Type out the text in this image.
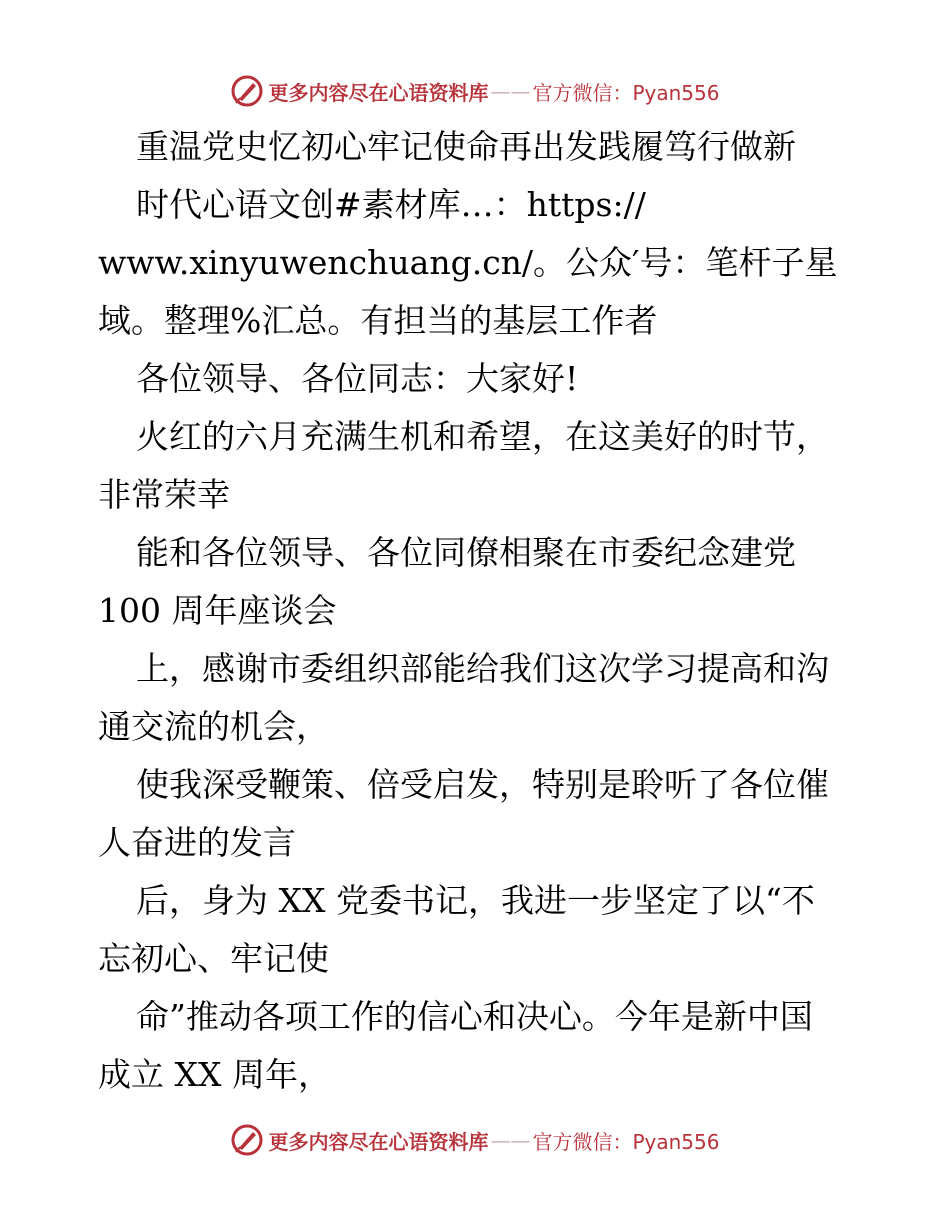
更多内容尽在心语资料库 —— 官方微信：Pyan556
重温党史忆初心牢记使命再出发践履笃行做新
时代心语文创#素材库…：https://
www.xinyuwenchuang.cn/。公众′号：笔杆子星
域。整理%汇总。有担当的基层工作者
各位领导、各位同志：大家好!
火红的六月充满生机和希望，在这美好的时节，
非常荣幸
能和各位领导、各位同僚相聚在市委纪念建党
100 周年座谈会
上，感谢市委组织部能给我们这次学习提高和沟
通交流的机会，
使我深受鞭策、倍受启发，特别是聆听了各位催
人奋进的发言
后，身为 XX 党委书记，我进一步坚定了以“不
忘初心、牢记使
命”推动各项工作的信心和决心。今年是新中国
成立 XX 周年，
更多内容尽在心语资料库 —— 官方微信：Pyan556
